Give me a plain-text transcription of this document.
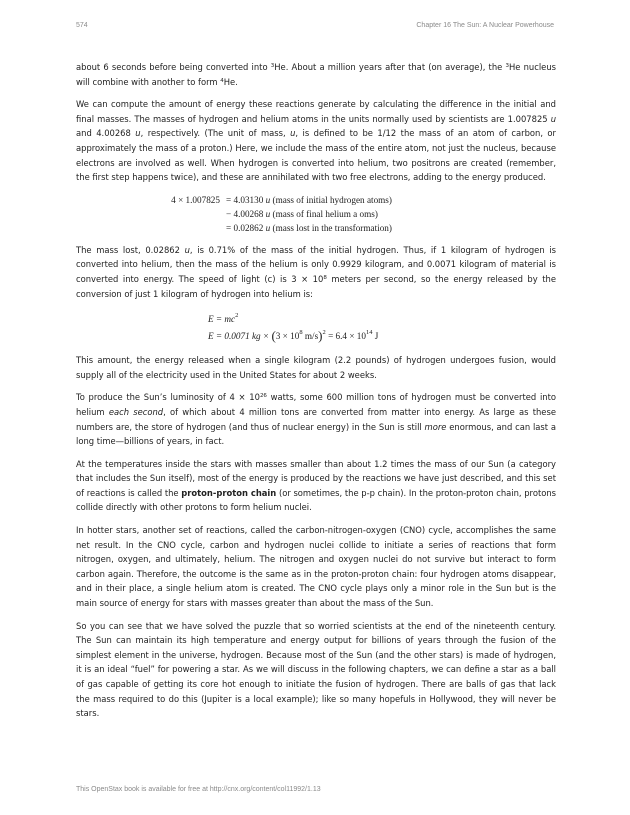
574	Chapter 16 The Sun: A Nuclear Powerhouse

about 6 seconds before being converted into $^3$He. About a million years after that (on average), the $^3$He nucleus will combine with another to form $^4$He.

We can compute the amount of energy these reactions generate by calculating the difference in the initial and final masses. The masses of hydrogen and helium atoms in the units normally used by scientists are 1.007825 u and 4.00268 u, respectively. (The unit of mass, u, is defined to be 1/12 the mass of an atom of carbon, or approximately the mass of a proton.) Here, we include the mass of the entire atom, not just the nucleus, because electrons are involved as well. When hydrogen is converted into helium, two positrons are created (remember, the first step happens twice), and these are annihilated with two free electrons, adding to the energy produced.

4 × 1.007825 = 4.03130 u (mass of initial hydrogen atoms)
− 4.00268 u (mass of final helium a oms)
= 0.02862 u (mass lost in the transformation)

The mass lost, 0.02862 u, is 0.71% of the mass of the initial hydrogen. Thus, if 1 kilogram of hydrogen is converted into helium, then the mass of the helium is only 0.9929 kilogram, and 0.0071 kilogram of material is converted into energy. The speed of light (c) is $3 \times 10^8$ meters per second, so the energy released by the conversion of just 1 kilogram of hydrogen into helium is:

$E = mc^2$
E = 0.0071 kg × ($3 \times 10^8$ $m/s)^2 = 6.4 \times 10^{14}$ J

This amount, the energy released when a single kilogram (2.2 pounds) of hydrogen undergoes fusion, would supply all of the electricity used in the United States for about 2 weeks.

To produce the Sun’s luminosity of $4 \times 10^{26}$ watts, some 600 million tons of hydrogen must be converted into helium each second, of which about 4 million tons are converted from matter into energy. As large as these numbers are, the store of hydrogen (and thus of nuclear energy) in the Sun is still more enormous, and can last a long time—billions of years, in fact.

At the temperatures inside the stars with masses smaller than about 1.2 times the mass of our Sun (a category that includes the Sun itself), most of the energy is produced by the reactions we have just described, and this set of reactions is called the proton-proton chain (or sometimes, the p-p chain). In the proton-proton chain, protons collide directly with other protons to form helium nuclei.

In hotter stars, another set of reactions, called the carbon-nitrogen-oxygen (CNO) cycle, accomplishes the same net result. In the CNO cycle, carbon and hydrogen nuclei collide to initiate a series of reactions that form nitrogen, oxygen, and ultimately, helium. The nitrogen and oxygen nuclei do not survive but interact to form carbon again. Therefore, the outcome is the same as in the proton-proton chain: four hydrogen atoms disappear, and in their place, a single helium atom is created. The CNO cycle plays only a minor role in the Sun but is the main source of energy for stars with masses greater than about the mass of the Sun.

So you can see that we have solved the puzzle that so worried scientists at the end of the nineteenth century. The Sun can maintain its high temperature and energy output for billions of years through the fusion of the simplest element in the universe, hydrogen. Because most of the Sun (and the other stars) is made of hydrogen, it is an ideal “fuel” for powering a star. As we will discuss in the following chapters, we can define a star as a ball of gas capable of getting its core hot enough to initiate the fusion of hydrogen. There are balls of gas that lack the mass required to do this (Jupiter is a local example); like so many hopefuls in Hollywood, they will never be stars.

This OpenStax book is available for free at http://cnx.org/content/col11992/1.13
